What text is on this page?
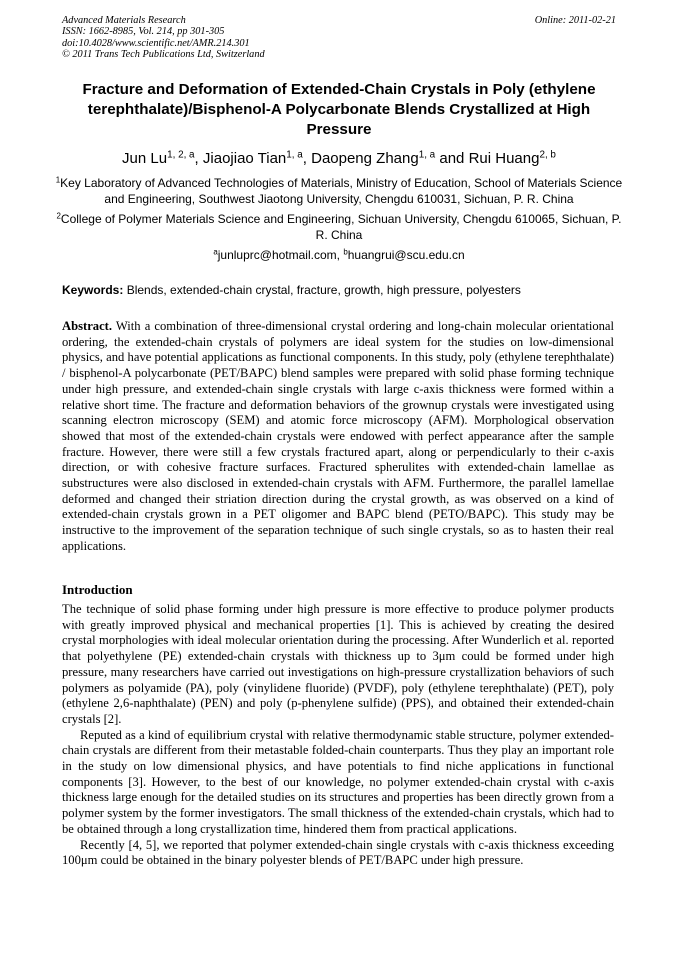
Advanced Materials Research
ISSN: 1662-8985, Vol. 214, pp 301-305
doi:10.4028/www.scientific.net/AMR.214.301
© 2011 Trans Tech Publications Ltd, Switzerland
Online: 2011-02-21
Fracture and Deformation of Extended-Chain Crystals in Poly (ethylene terephthalate)/Bisphenol-A Polycarbonate Blends Crystallized at High Pressure
Jun Lu$^{1, 2, a}$, Jiaojiao Tian$^{1, a}$, Daopeng Zhang$^{1, a}$ and Rui Huang$^{2, b}$
$^1$Key Laboratory of Advanced Technologies of Materials, Ministry of Education, School of Materials Science and Engineering, Southwest Jiaotong University, Chengdu 610031, Sichuan, P. R. China
$^2$College of Polymer Materials Science and Engineering, Sichuan University, Chengdu 610065, Sichuan, P. R. China
$^a$junluprc@hotmail.com, $^b$huangrui@scu.edu.cn
Keywords: Blends, extended-chain crystal, fracture, growth, high pressure, polyesters
Abstract. With a combination of three-dimensional crystal ordering and long-chain molecular orientational ordering, the extended-chain crystals of polymers are ideal system for the studies on low-dimensional physics, and have potential applications as functional components. In this study, poly (ethylene terephthalate) / bisphenol-A polycarbonate (PET/BAPC) blend samples were prepared with solid phase forming technique under high pressure, and extended-chain single crystals with large c-axis thickness were formed within a relative short time. The fracture and deformation behaviors of the grownup crystals were investigated using scanning electron microscopy (SEM) and atomic force microscopy (AFM). Morphological observation showed that most of the extended-chain crystals were endowed with perfect appearance after the sample fracture. However, there were still a few crystals fractured apart, along or perpendicularly to their c-axis direction, or with cohesive fracture surfaces. Fractured spherulites with extended-chain lamellae as substructures were also disclosed in extended-chain crystals with AFM. Furthermore, the parallel lamellae deformed and changed their striation direction during the crystal growth, as was observed on a kind of extended-chain crystals grown in a PET oligomer and BAPC blend (PETO/BAPC). This study may be instructive to the improvement of the separation technique of such single crystals, so as to hasten their real applications.
Introduction

The technique of solid phase forming under high pressure is more effective to produce polymer products with greatly improved physical and mechanical properties [1]. This is achieved by creating the desired crystal morphologies with ideal molecular orientation during the processing. After Wunderlich et al. reported that polyethylene (PE) extended-chain crystals with thickness up to 3μm could be formed under high pressure, many researchers have carried out investigations on high-pressure crystallization behaviors of such polymers as polyamide (PA), poly (vinylidene fluoride) (PVDF), poly (ethylene terephthalate) (PET), poly (ethylene 2,6-naphthalate) (PEN) and poly (p-phenylene sulfide) (PPS), and obtained their extended-chain crystals [2].

Reputed as a kind of equilibrium crystal with relative thermodynamic stable structure, polymer extended-chain crystals are different from their metastable folded-chain counterparts. Thus they play an important role in the study on low dimensional physics, and have potentials to find niche applications in functional components [3]. However, to the best of our knowledge, no polymer extended-chain crystal with c-axis thickness large enough for the detailed studies on its structures and properties has been directly grown from a polymer system by the former investigators. The small thickness of the extended-chain crystals, which had to be obtained through a long crystallization time, hindered them from practical applications.

Recently [4, 5], we reported that polymer extended-chain single crystals with c-axis thickness exceeding 100μm could be obtained in the binary polyester blends of PET/BAPC under high pressure.
